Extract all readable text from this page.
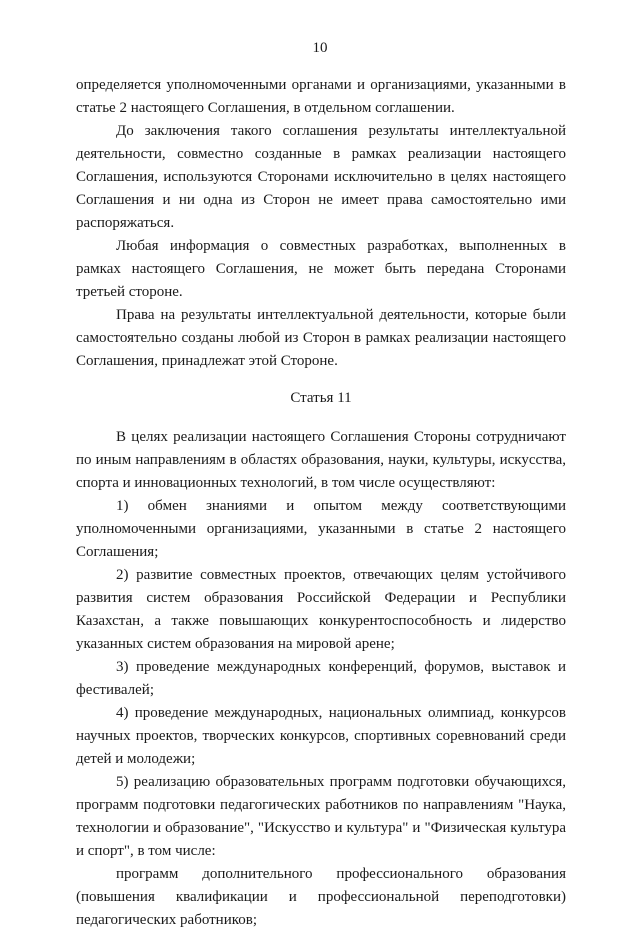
10

определяется уполномоченными органами и организациями, указанными в статье 2 настоящего Соглашения, в отдельном соглашении.

До заключения такого соглашения результаты интеллектуальной деятельности, совместно созданные в рамках реализации настоящего Соглашения, используются Сторонами исключительно в целях настоящего Соглашения и ни одна из Сторон не имеет права самостоятельно ими распоряжаться.

Любая информация о совместных разработках, выполненных в рамках настоящего Соглашения, не может быть передана Сторонами третьей стороне.

Права на результаты интеллектуальной деятельности, которые были самостоятельно созданы любой из Сторон в рамках реализации настоящего Соглашения, принадлежат этой Стороне.

Статья 11

В целях реализации настоящего Соглашения Стороны сотрудничают по иным направлениям в областях образования, науки, культуры, искусства, спорта и инновационных технологий, в том числе осуществляют:

1) обмен знаниями и опытом между соответствующими уполномоченными организациями, указанными в статье 2 настоящего Соглашения;

2) развитие совместных проектов, отвечающих целям устойчивого развития систем образования Российской Федерации и Республики Казахстан, а также повышающих конкурентоспособность и лидерство указанных систем образования на мировой арене;

3) проведение международных конференций, форумов, выставок и фестивалей;

4) проведение международных, национальных олимпиад, конкурсов научных проектов, творческих конкурсов, спортивных соревнований среди детей и молодежи;

5) реализацию образовательных программ подготовки обучающихся, программ подготовки педагогических работников по направлениям "Наука, технологии и образование", "Искусство и культура" и "Физическая культура и спорт", в том числе:

программ дополнительного профессионального образования (повышения квалификации и профессиональной переподготовки) педагогических работников;
